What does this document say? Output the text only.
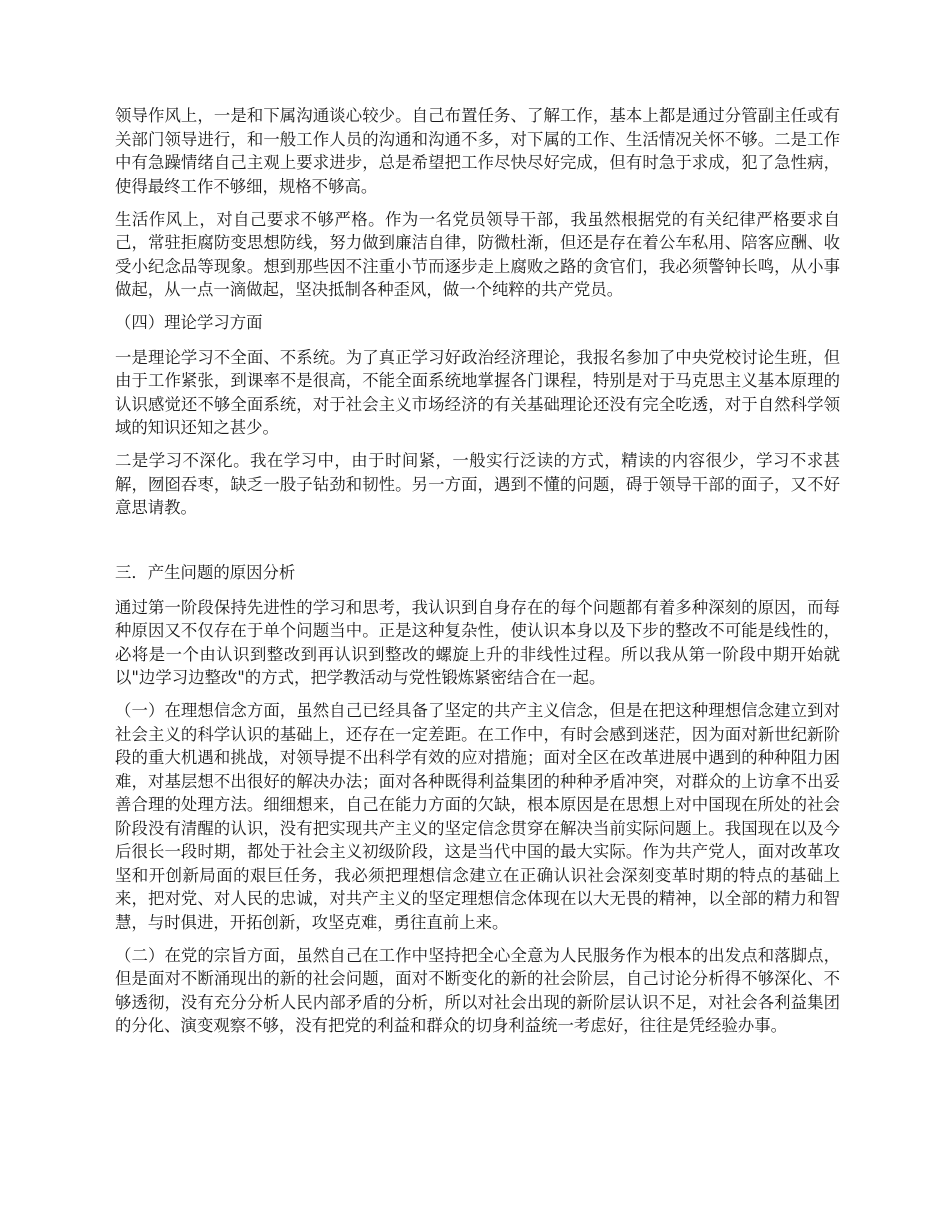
领导作风上，一是和下属沟通谈心较少。自己布置任务、了解工作，基本上都是通过分管副主任或有关部门领导进行，和一般工作人员的沟通和沟通不多，对下属的工作、生活情况关怀不够。二是工作中有急躁情绪自己主观上要求进步，总是希望把工作尽快尽好完成，但有时急于求成，犯了急性病，使得最终工作不够细，规格不够高。

生活作风上，对自己要求不够严格。作为一名党员领导干部，我虽然根据党的有关纪律严格要求自己，常驻拒腐防变思想防线，努力做到廉洁自律，防微杜渐，但还是存在着公车私用、陪客应酬、收受小纪念品等现象。想到那些因不注重小节而逐步走上腐败之路的贪官们，我必须警钟长鸣，从小事做起，从一点一滴做起，坚决抵制各种歪风，做一个纯粹的共产党员。

（四）理论学习方面

一是理论学习不全面、不系统。为了真正学习好政治经济理论，我报名参加了中央党校讨论生班，但由于工作紧张，到课率不是很高，不能全面系统地掌握各门课程，特别是对于马克思主义基本原理的认识感觉还不够全面系统，对于社会主义市场经济的有关基础理论还没有完全吃透，对于自然科学领域的知识还知之甚少。

二是学习不深化。我在学习中，由于时间紧，一般实行泛读的方式，精读的内容很少，学习不求甚解，囫囵吞枣，缺乏一股子钻劲和韧性。另一方面，遇到不懂的问题，碍于领导干部的面子，又不好意思请教。

三．产生问题的原因分析

通过第一阶段保持先进性的学习和思考，我认识到自身存在的每个问题都有着多种深刻的原因，而每种原因又不仅存在于单个问题当中。正是这种复杂性，使认识本身以及下步的整改不可能是线性的，必将是一个由认识到整改到再认识到整改的螺旋上升的非线性过程。所以我从第一阶段中期开始就以"边学习边整改"的方式，把学教活动与党性锻炼紧密结合在一起。

（一）在理想信念方面，虽然自己已经具备了坚定的共产主义信念，但是在把这种理想信念建立到对社会主义的科学认识的基础上，还存在一定差距。在工作中，有时会感到迷茫，因为面对新世纪新阶段的重大机遇和挑战，对领导提不出科学有效的应对措施；面对全区在改革进展中遇到的种种阻力困难，对基层想不出很好的解决办法；面对各种既得利益集团的种种矛盾冲突，对群众的上访拿不出妥善合理的处理方法。细细想来，自己在能力方面的欠缺，根本原因是在思想上对中国现在所处的社会阶段没有清醒的认识，没有把实现共产主义的坚定信念贯穿在解决当前实际问题上。我国现在以及今后很长一段时期，都处于社会主义初级阶段，这是当代中国的最大实际。作为共产党人，面对改革攻坚和开创新局面的艰巨任务，我必须把理想信念建立在正确认识社会深刻变革时期的特点的基础上来，把对党、对人民的忠诚，对共产主义的坚定理想信念体现在以大无畏的精神，以全部的精力和智慧，与时俱进，开拓创新，攻坚克难，勇往直前上来。

（二）在党的宗旨方面，虽然自己在工作中坚持把全心全意为人民服务作为根本的出发点和落脚点，但是面对不断涌现出的新的社会问题，面对不断变化的新的社会阶层，自己讨论分析得不够深化、不够透彻，没有充分分析人民内部矛盾的分析，所以对社会出现的新阶层认识不足，对社会各利益集团的分化、演变观察不够，没有把党的利益和群众的切身利益统一考虑好，往往是凭经验办事。
